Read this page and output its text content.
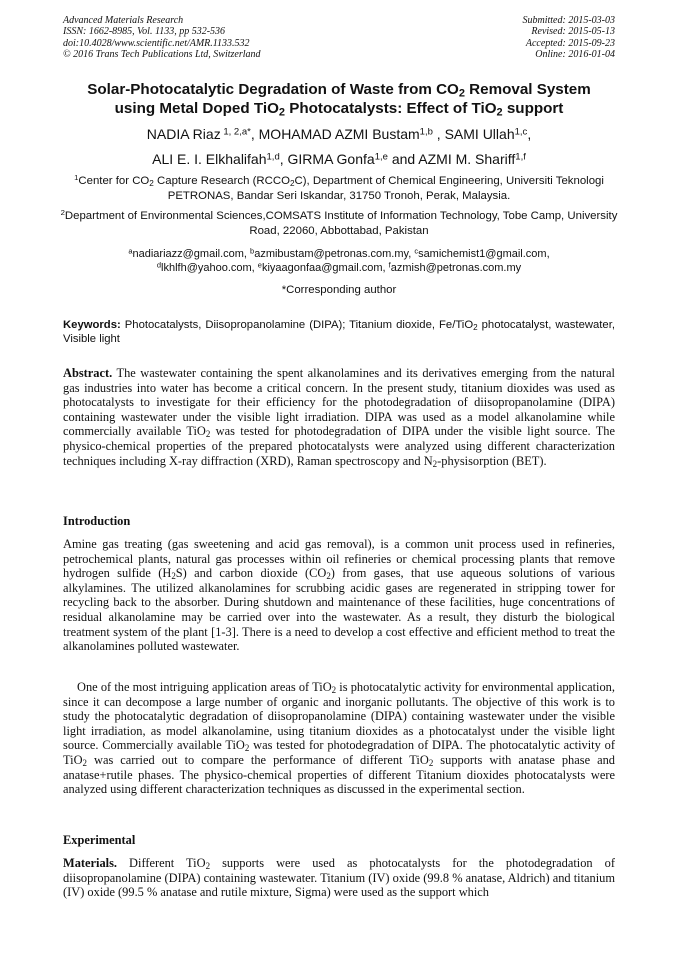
Advanced Materials Research
ISSN: 1662-8985, Vol. 1133, pp 532-536
doi:10.4028/www.scientific.net/AMR.1133.532
© 2016 Trans Tech Publications Ltd, Switzerland
Submitted: 2015-03-03
Revised: 2015-05-13
Accepted: 2015-09-23
Online: 2016-01-04
Solar-Photocatalytic Degradation of Waste from $CO_2$ Removal System
using Metal Doped TiO$_2$ Photocatalysts: Effect of TiO$_2$ support
NADIA Riaz $^{1, 2,a*}$, MOHAMAD AZMI Bustam$^{1,b}$ , SAMI Ullah$^{1,c}$,
ALI E. I. Elkhalifah$^{1,d}$, GIRMA Gonfa$^{1,e}$ and AZMI M. Shariff$^{1,f}$
$^1$Center for $CO_2$ Capture Research $(RCCO_2C)$, Department of Chemical Engineering, Universiti Teknologi PETRONAS, Bandar Seri Iskandar, 31750 Tronoh, Perak, Malaysia.
$^2$Department of Environmental Sciences,COMSATS Institute of Information Technology, Tobe Camp, University Road, 22060, Abbottabad, Pakistan
$^a$nadiariazz@gmail.com, $^b$azmibustam@petronas.com.my, $^c$samichemist1@gmail.com,
$^d$lkhlfh@yahoo.com, $^e$kiyaagonfaa@gmail.com, $^f$azmish@petronas.com.my
*Corresponding author
Keywords: Photocatalysts, Diisopropanolamine (DIPA); Titanium dioxide, Fe/TiO$_2$ photocatalyst, wastewater, Visible light
Abstract. The wastewater containing the spent alkanolamines and its derivatives emerging from the natural gas industries into water has become a critical concern. In the present study, titanium dioxides was used as photocatalysts to investigate for their efficiency for the photodegradation of diisopropanolamine (DIPA) containing wastewater under the visible light irradiation. DIPA was used as a model alkanolamine while commercially available TiO$_2$ was tested for photodegradation of DIPA under the visible light source. The physico-chemical properties of the prepared photocatalysts were analyzed using different characterization techniques including X-ray diffraction (XRD), Raman spectroscopy and $N_2$-physisorption (BET).
Introduction
Amine gas treating (gas sweetening and acid gas removal), is a common unit process used in refineries, petrochemical plants, natural gas processes within oil refineries or chemical processing plants that remove hydrogen sulfide $(H_2S)$ and carbon dioxide $(CO_2)$ from gases, that use aqueous solutions of various alkylamines. The utilized alkanolamines for scrubbing acidic gases are regenerated in stripping tower for recycling back to the absorber. During shutdown and maintenance of these facilities, huge concentrations of residual alkanolamine may be carried over into the wastewater. As a result, they disturb the biological treatment system of the plant [1-3]. There is a need to develop a cost effective and efficient method to treat the alkanolamines polluted wastewater.
One of the most intriguing application areas of TiO$_2$ is photocatalytic activity for environmental application, since it can decompose a large number of organic and inorganic pollutants. The objective of this work is to study the photocatalytic degradation of diisopropanolamine (DIPA) containing wastewater under the visible light irradiation, as model alkanolamine, using titanium dioxides as a photocatalyst under the visible light source. Commercially available TiO$_2$ was tested for photodegradation of DIPA. The photocatalytic activity of TiO$_2$ was carried out to compare the performance of different TiO$_2$ supports with anatase phase and anatase+rutile phases. The physico-chemical properties of different Titanium dioxides photocatalysts were analyzed using different characterization techniques as discussed in the experimental section.
Experimental
Materials. Different TiO$_2$ supports were used as photocatalysts for the photodegradation of diisopropanolamine (DIPA) containing wastewater. Titanium (IV) oxide (99.8 % anatase, Aldrich) and titanium (IV) oxide (99.5 % anatase and rutile mixture, Sigma) were used as the support which
